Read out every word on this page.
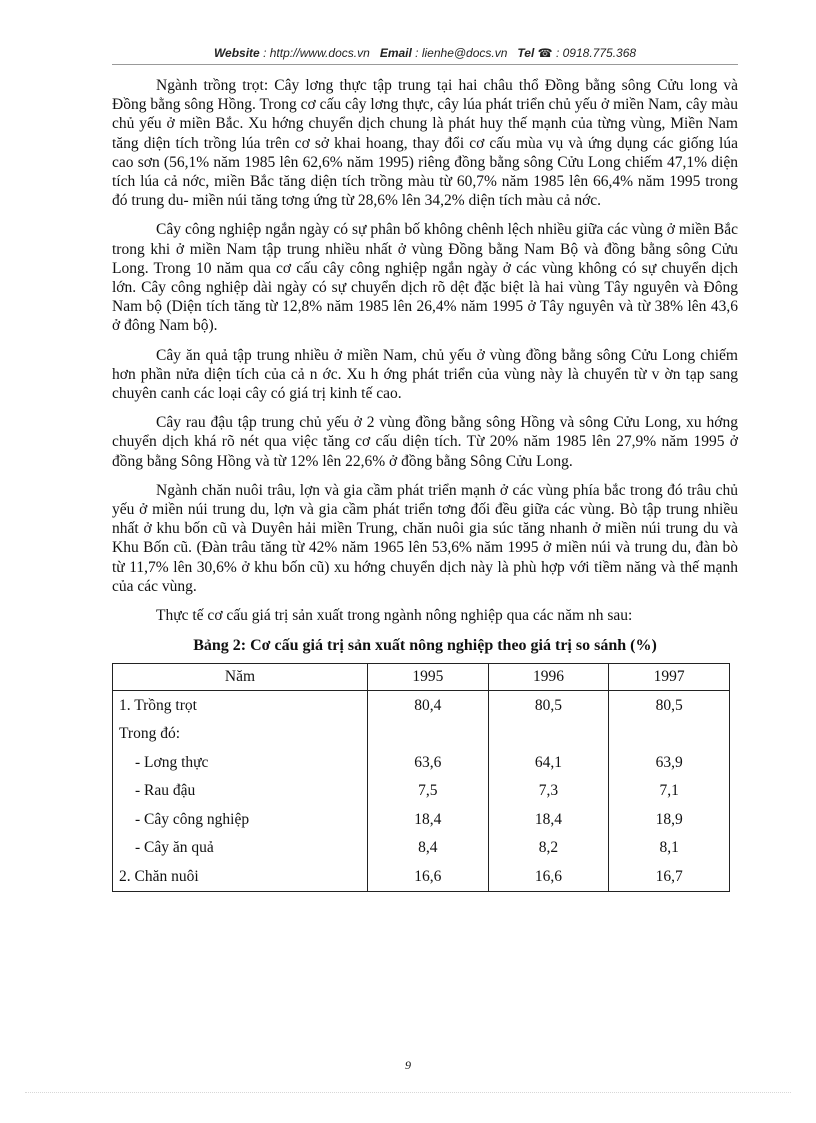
Website : http://www.docs.vn Email : lienhe@docs.vn Tel ☎ : 0918.775.368

Ngành trồng trọt: Cây lơng thực tập trung tại hai châu thổ Đồng bằng sông Cửu long và Đồng bằng sông Hồng. Trong cơ cấu cây lơng thực, cây lúa phát triển chủ yếu ở miền Nam, cây màu chủ yếu ở miền Bắc. Xu hớng chuyển dịch chung là phát huy thế mạnh của từng vùng, Miền Nam tăng diện tích trồng lúa trên cơ sở khai hoang, thay đổi cơ cấu mùa vụ và ứng dụng các giống lúa cao sơn (56,1% năm 1985 lên 62,6% năm 1995) riêng đồng bằng sông Cửu Long chiếm 47,1% diện tích lúa cả nớc, miền Bắc tăng diện tích trồng màu từ 60,7% năm 1985 lên 66,4% năm 1995 trong đó trung du- miền núi tăng tơng ứng từ 28,6% lên 34,2% diện tích màu cả nớc.

Cây công nghiệp ngắn ngày có sự phân bố không chênh lệch nhiều giữa các vùng ở miền Bắc trong khi ở miền Nam tập trung nhiều nhất ở vùng Đồng bằng Nam Bộ và đồng bằng sông Cửu Long. Trong 10 năm qua cơ cấu cây công nghiệp ngắn ngày ở các vùng không có sự chuyển dịch lớn. Cây công nghiệp dài ngày có sự chuyển dịch rõ dệt đặc biệt là hai vùng Tây nguyên và Đông Nam bộ (Diện tích tăng từ 12,8% năm 1985 lên 26,4% năm 1995 ở Tây nguyên và từ 38% lên 43,6 ở đông Nam bộ).

Cây ăn quả tập trung nhiều ở miền Nam, chủ yếu ở vùng đồng bằng sông Cửu Long chiếm hơn phần nửa diện tích của cả n ớc. Xu h ớng phát triển của vùng này là chuyển từ v ờn tạp sang chuyên canh các loại cây có giá trị kinh tế cao.

Cây rau đậu tập trung chủ yếu ở 2 vùng đồng bằng sông Hồng và sông Cửu Long, xu hớng chuyển dịch khá rõ nét qua việc tăng cơ cấu diện tích. Từ 20% năm 1985 lên 27,9% năm 1995 ở đồng bằng Sông Hồng và từ 12% lên 22,6% ở đồng bằng Sông Cửu Long.

Ngành chăn nuôi trâu, lợn và gia cầm phát triển mạnh ở các vùng phía bắc trong đó trâu chủ yếu ở miền núi trung du, lợn và gia cầm phát triển tơng đối đều giữa các vùng. Bò tập trung nhiều nhất ở khu bốn cũ và Duyên hải miền Trung, chăn nuôi gia súc tăng nhanh ở miền núi trung du và Khu Bốn cũ. (Đàn trâu tăng từ 42% năm 1965 lên 53,6% năm 1995 ở miền núi và trung du, đàn bò từ 11,7% lên 30,6% ở khu bốn cũ) xu hớng chuyển dịch này là phù hợp với tiềm năng và thế mạnh của các vùng.

Thực tế cơ cấu giá trị sản xuất trong ngành nông nghiệp qua các năm nh sau:

Bảng 2: Cơ cấu giá trị sản xuất nông nghiệp theo giá trị so sánh (%)
Năm	1995	1996	1997
1. Trồng trọt	80,4	80,5	80,5
Trong đó:			
- Lơng thực	63,6	64,1	63,9
- Rau đậu	7,5	7,3	7,1
- Cây công nghiệp	18,4	18,4	18,9
- Cây ăn quả	8,4	8,2	8,1
2. Chăn nuôi	16,6	16,6	16,7
9
